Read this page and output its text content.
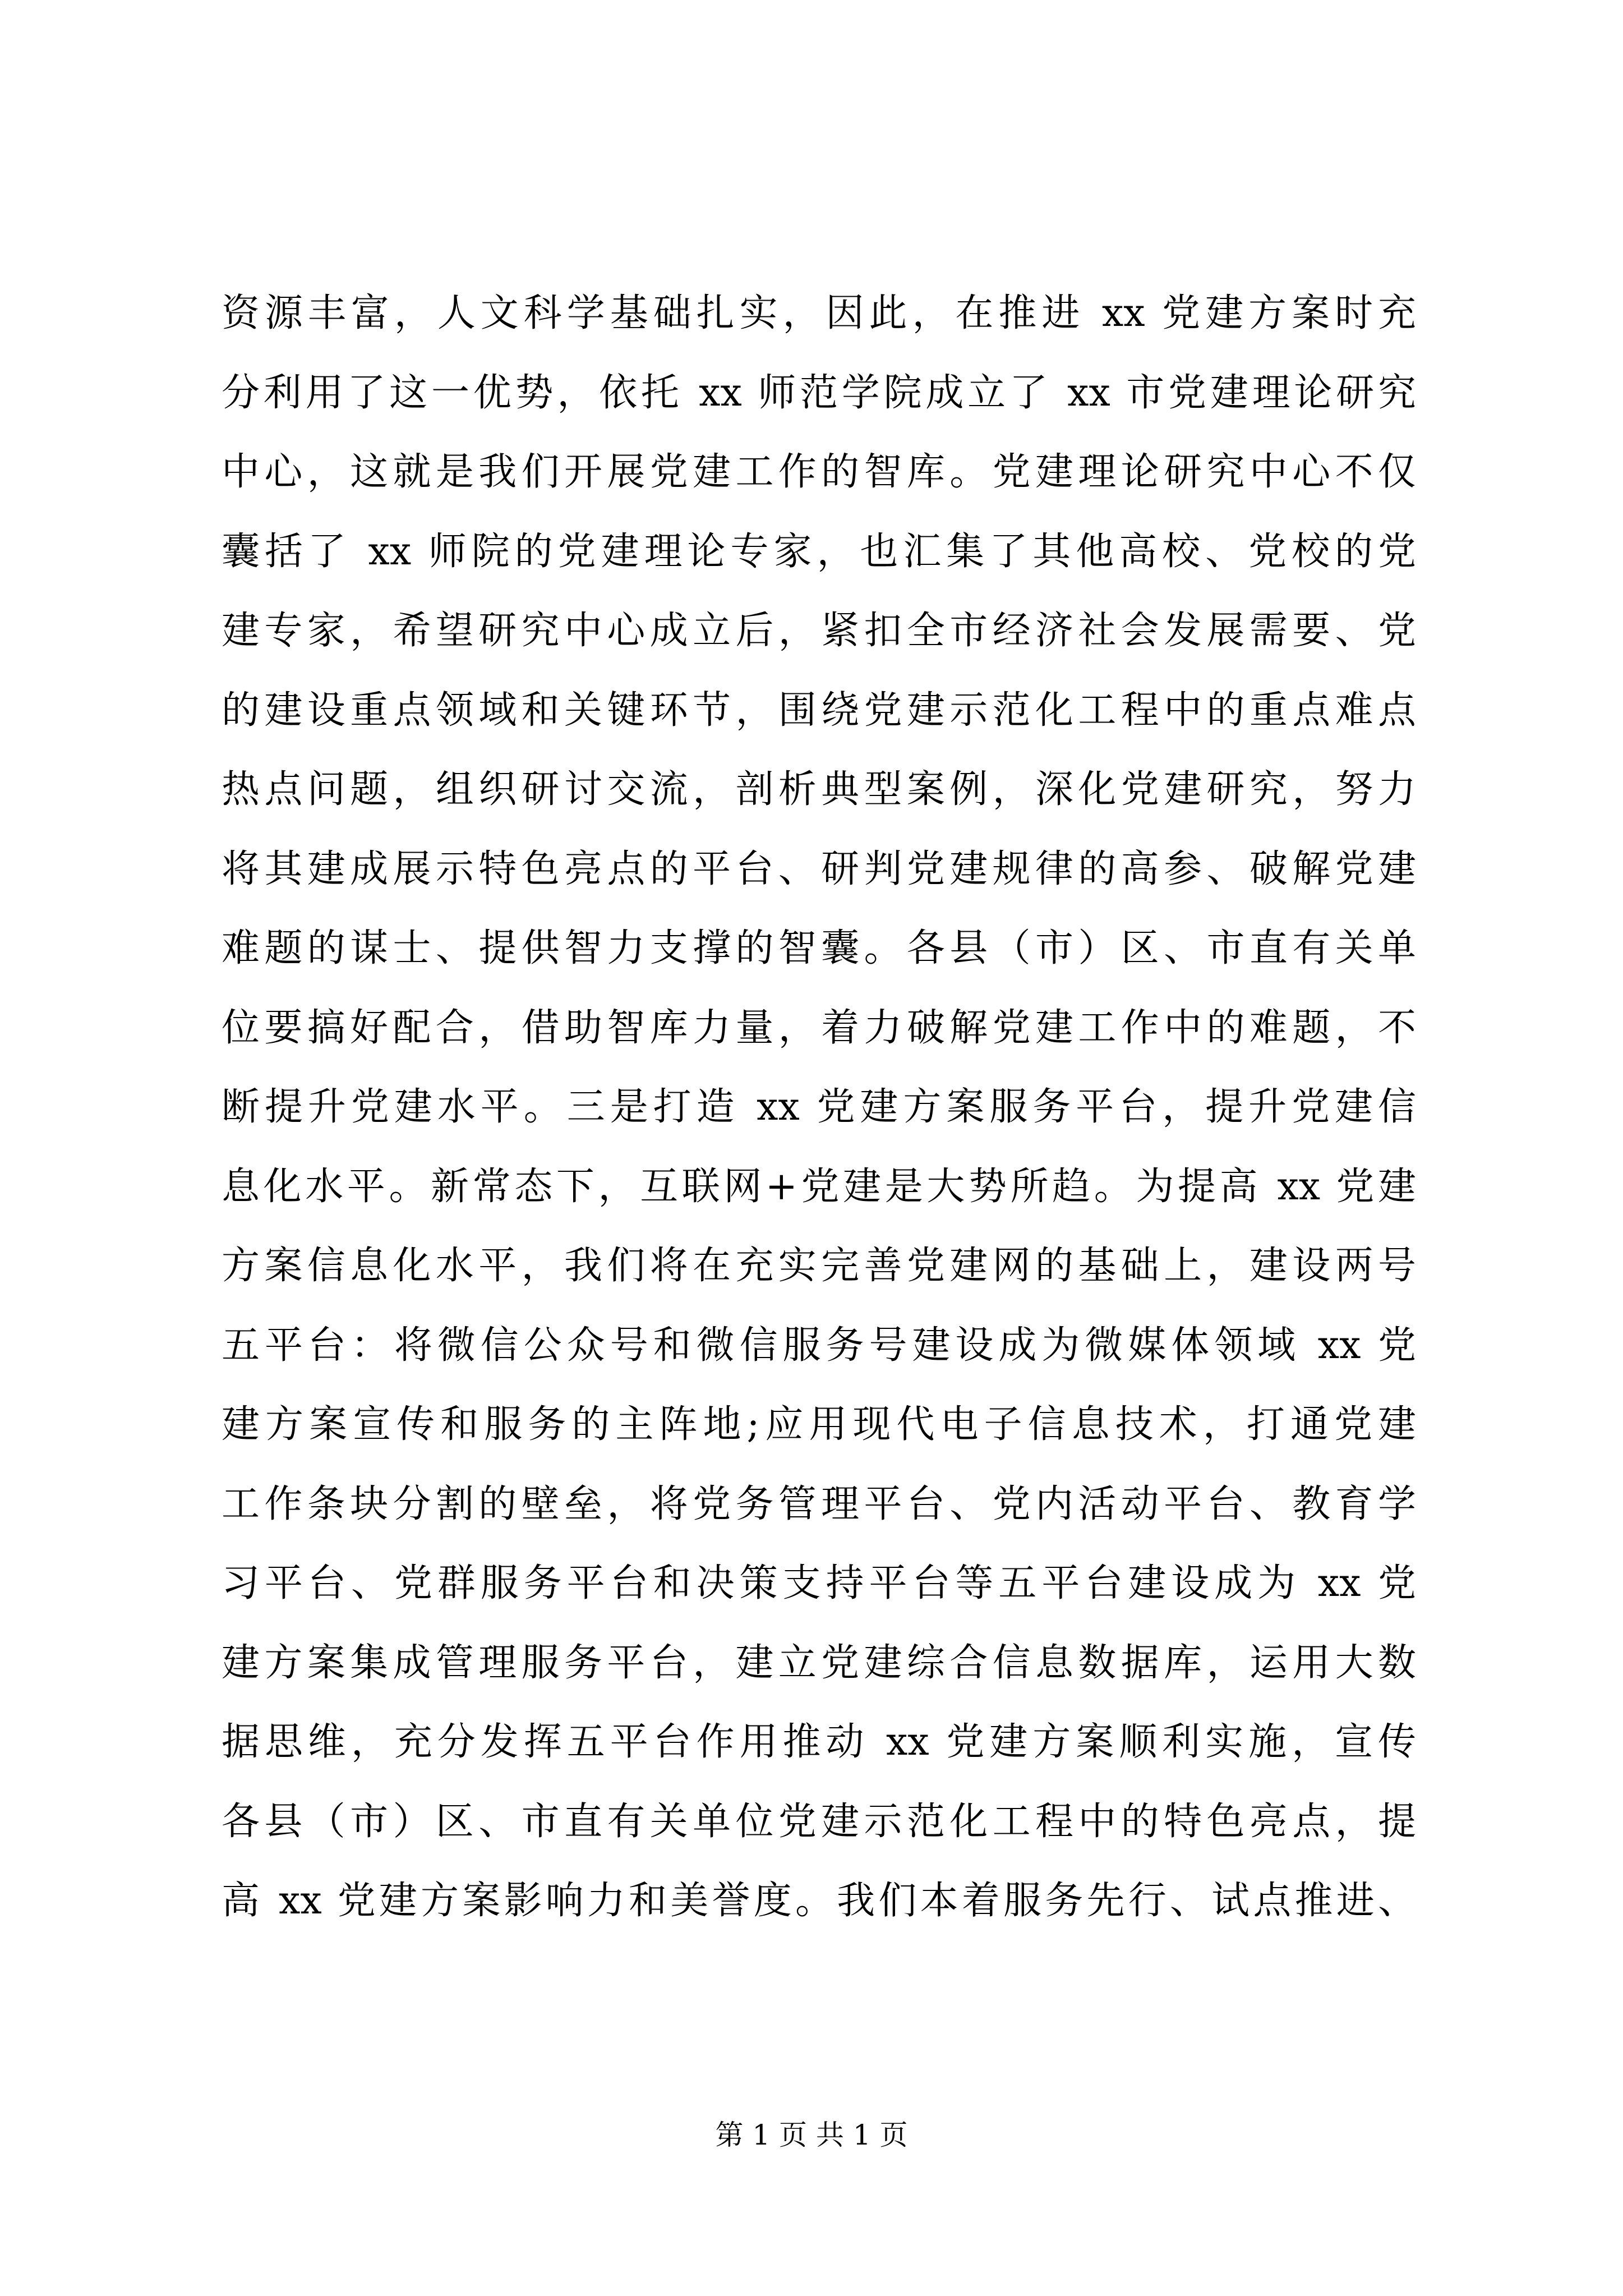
资源丰富，人文科学基础扎实，因此，在推进 xx 党建方案时充
分利用了这一优势，依托 xx 师范学院成立了 xx 市党建理论研究
中心，这就是我们开展党建工作的智库。党建理论研究中心不仅
囊括了 xx 师院的党建理论专家，也汇集了其他高校、党校的党
建专家，希望研究中心成立后，紧扣全市经济社会发展需要、党
的建设重点领域和关键环节，围绕党建示范化工程中的重点难点
热点问题，组织研讨交流，剖析典型案例，深化党建研究，努力
将其建成展示特色亮点的平台、研判党建规律的高参、破解党建
难题的谋士、提供智力支撑的智囊。各县（市）区、市直有关单
位要搞好配合，借助智库力量，着力破解党建工作中的难题，不
断提升党建水平。三是打造 xx 党建方案服务平台，提升党建信
息化水平。新常态下，互联网+党建是大势所趋。为提高 xx 党建
方案信息化水平，我们将在充实完善党建网的基础上，建设两号
五平台：将微信公众号和微信服务号建设成为微媒体领域 xx 党
建方案宣传和服务的主阵地;应用现代电子信息技术，打通党建
工作条块分割的壁垒，将党务管理平台、党内活动平台、教育学
习平台、党群服务平台和决策支持平台等五平台建设成为 xx 党
建方案集成管理服务平台，建立党建综合信息数据库，运用大数
据思维，充分发挥五平台作用推动 xx 党建方案顺利实施，宣传
各县（市）区、市直有关单位党建示范化工程中的特色亮点，提
高 xx 党建方案影响力和美誉度。我们本着服务先行、试点推进、
第 1 页 共 1 页
